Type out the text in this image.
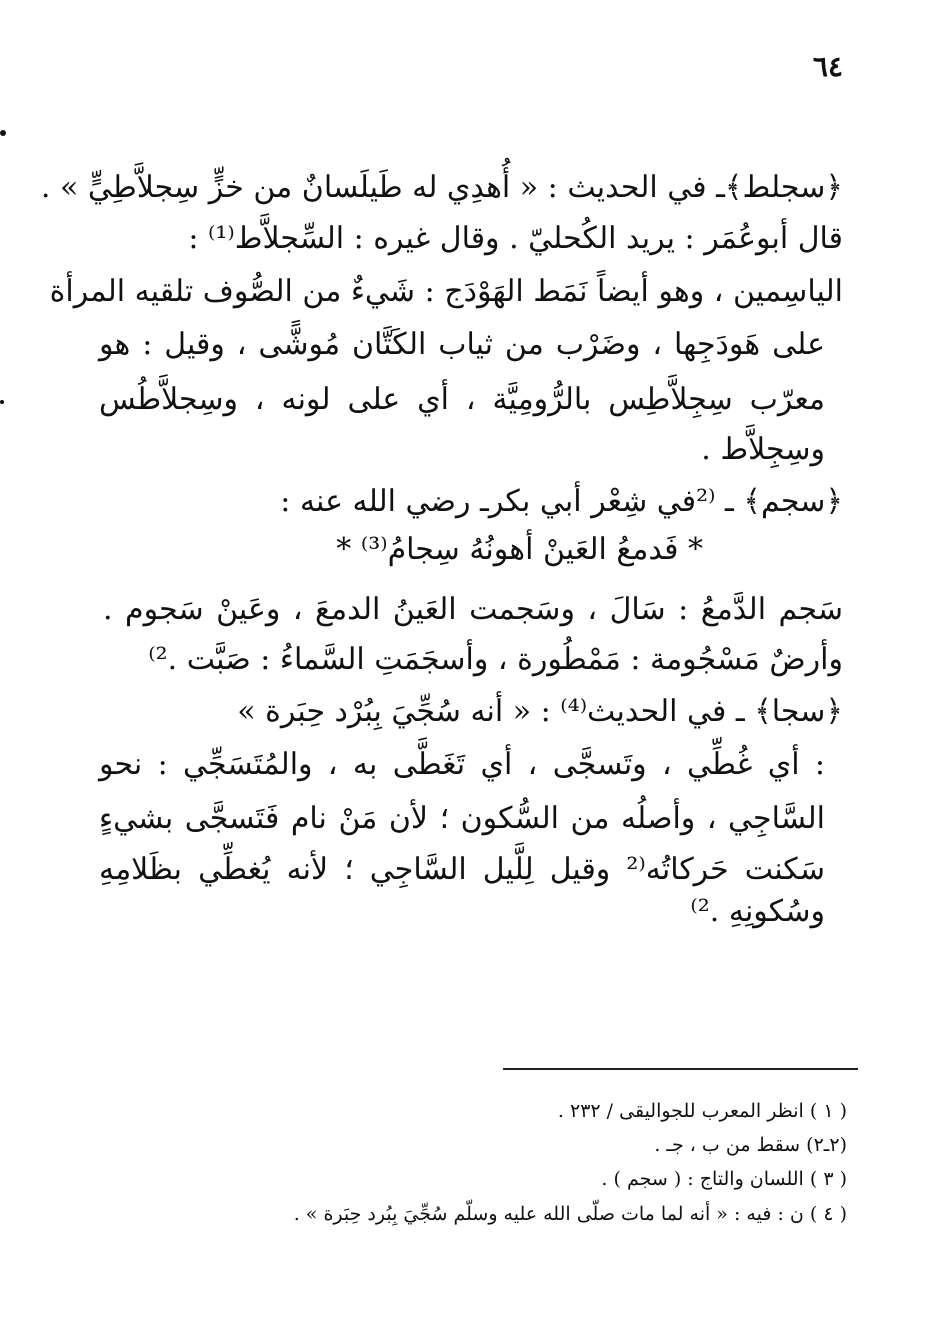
٦٤
﴿سجلط﴾ـ في الحديث : « أُهدِي له طَيلَسانٌ من خزٍّ سِجلاَّطِيٍّ » .
قال أبوعُمَر : يريد الكُحليّ . وقال غيره : السِّجلاَّط⁽¹⁾ :
الياسِمين ، وهو أيضاً نَمَط الهَوْدَج : شَيءٌ من الصُّوف تلقيه المرأة
على هَودَجِها ، وضَرْب من ثياب الكَتَّان مُوشًّى ، وقيل : هو
معرّب سِجِلاَّطِس بالرُّومِيَّة ، أي على لونه ، وسِجلاَّطُس
وسِجِلاَّط .
﴿سجم﴾ ـ ⁽²في شِعْر أبي بكرـ رضي الله عنه :
* فَدمعُ العَينْ أهونُهُ سِجامُ⁽³⁾ *
سَجم الدَّمعُ : سَالَ ، وسَجمت العَينُ الدمعَ ، وعَينْ سَجوم .
وأرضٌ مَسْجُومة : مَمْطُورة ، وأسجَمَتِ السَّماءُ : صَبَّت .²⁾
﴿سجا﴾ ـ في الحديث⁽⁴⁾ : « أنه سُجِّيَ بِبُرْد حِبَرة »
: أي غُطِّي ، وتَسجَّى ، أي تَغَطَّى به ، والمُتَسَجِّي : نحو
السَّاجِي ، وأصلُه من السُّكون ؛ لأن مَنْ نام فَتَسجَّى بشيءٍ
سَكنت حَركاتُه⁽² وقيل لِلَّيل السَّاجِي ؛ لأنه يُغطِّي بظَلامِهِ
وسُكونِهِ .²⁾
( ١ ) انظر المعرب للجواليقى / ٢٣٢ .
(٢ـ٢) سقط من ب ، جـ .
( ٣ ) اللسان والتاج : ( سجم ) .
( ٤ ) ن : فيه : « أنه لما مات صلّى الله عليه وسلّم سُجِّيَ بِبُرد حِبَرة » .
